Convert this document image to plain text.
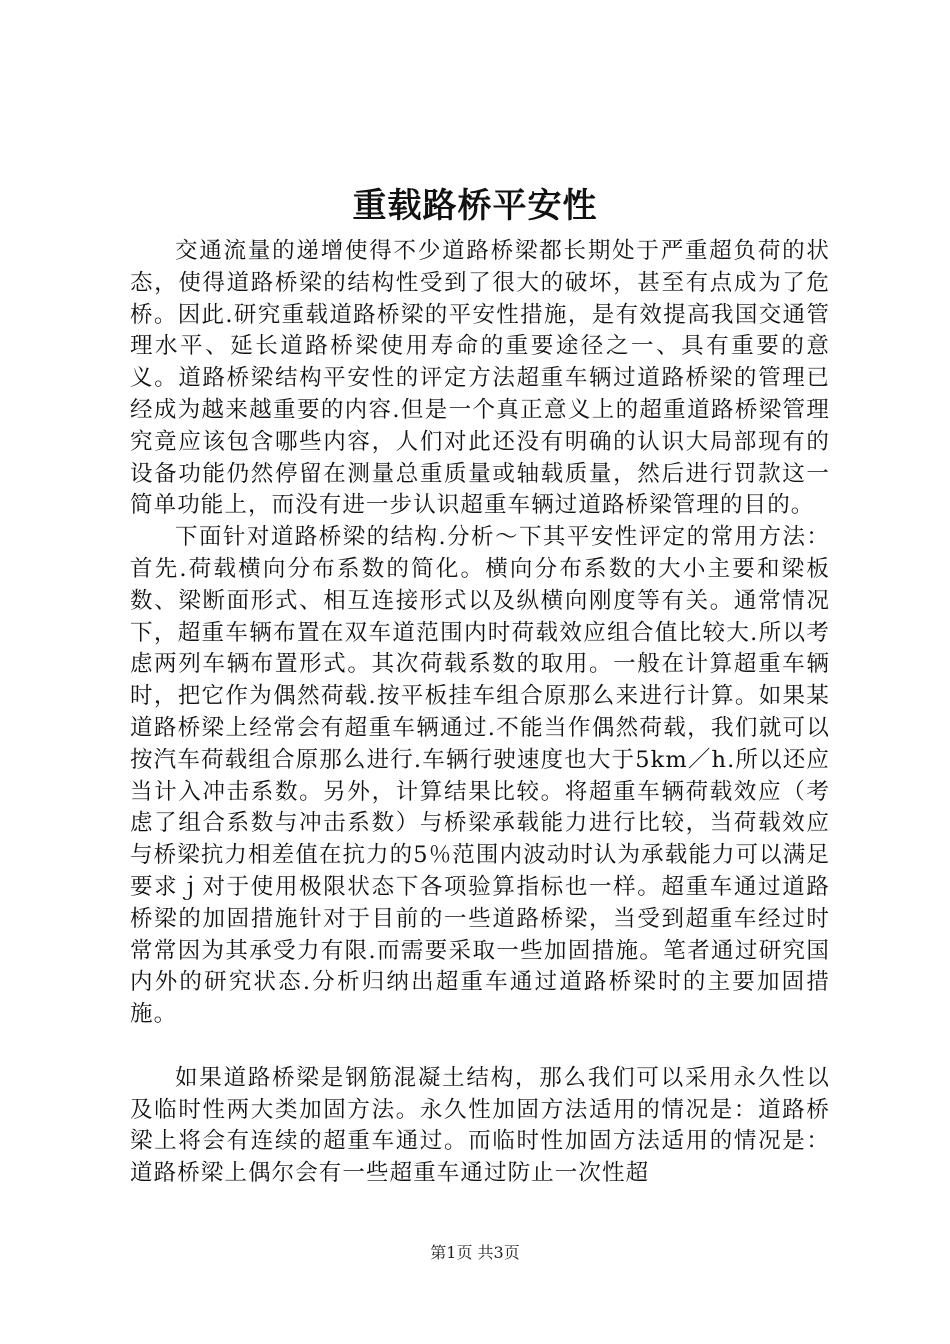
重载路桥平安性

交通流量的递增使得不少道路桥梁都长期处于严重超负荷的状态，使得道路桥梁的结构性受到了很大的破坏，甚至有点成为了危桥。因此.研究重载道路桥梁的平安性措施，是有效提高我国交通管理水平、延长道路桥梁使用寿命的重要途径之一、具有重要的意义。道路桥梁结构平安性的评定方法超重车辆过道路桥梁的管理已经成为越来越重要的内容.但是一个真正意义上的超重道路桥梁管理究竟应该包含哪些内容，人们对此还没有明确的认识大局部现有的设备功能仍然停留在测量总重质量或轴载质量，然后进行罚款这一简单功能上，而没有进一步认识超重车辆过道路桥梁管理的目的。

下面针对道路桥梁的结构.分析～下其平安性评定的常用方法：首先.荷载横向分布系数的简化。横向分布系数的大小主要和梁板数、梁断面形式、相互连接形式以及纵横向刚度等有关。通常情况下，超重车辆布置在双车道范围内时荷载效应组合值比较大.所以考虑两列车辆布置形式。其次荷载系数的取用。一般在计算超重车辆时，把它作为偶然荷载.按平板挂车组合原那么来进行计算。如果某道路桥梁上经常会有超重车辆通过.不能当作偶然荷载，我们就可以按汽车荷载组合原那么进行.车辆行驶速度也大于5km／h.所以还应当计入冲击系数。另外，计算结果比较。将超重车辆荷载效应（考虑了组合系数与冲击系数）与桥梁承载能力进行比较，当荷载效应与桥梁抗力相差值在抗力的5％范围内波动时认为承载能力可以满足要求ｊ对于使用极限状态下各项验算指标也一样。超重车通过道路桥梁的加固措施针对于目前的一些道路桥梁，当受到超重车经过时常常因为其承受力有限.而需要采取一些加固措施。笔者通过研究国内外的研究状态.分析归纳出超重车通过道路桥梁时的主要加固措施。

如果道路桥梁是钢筋混凝土结构，那么我们可以采用永久性以及临时性两大类加固方法。永久性加固方法适用的情况是：道路桥梁上将会有连续的超重车通过。而临时性加固方法适用的情况是：道路桥梁上偶尔会有一些超重车通过防止一次性超

第1页 共3页
